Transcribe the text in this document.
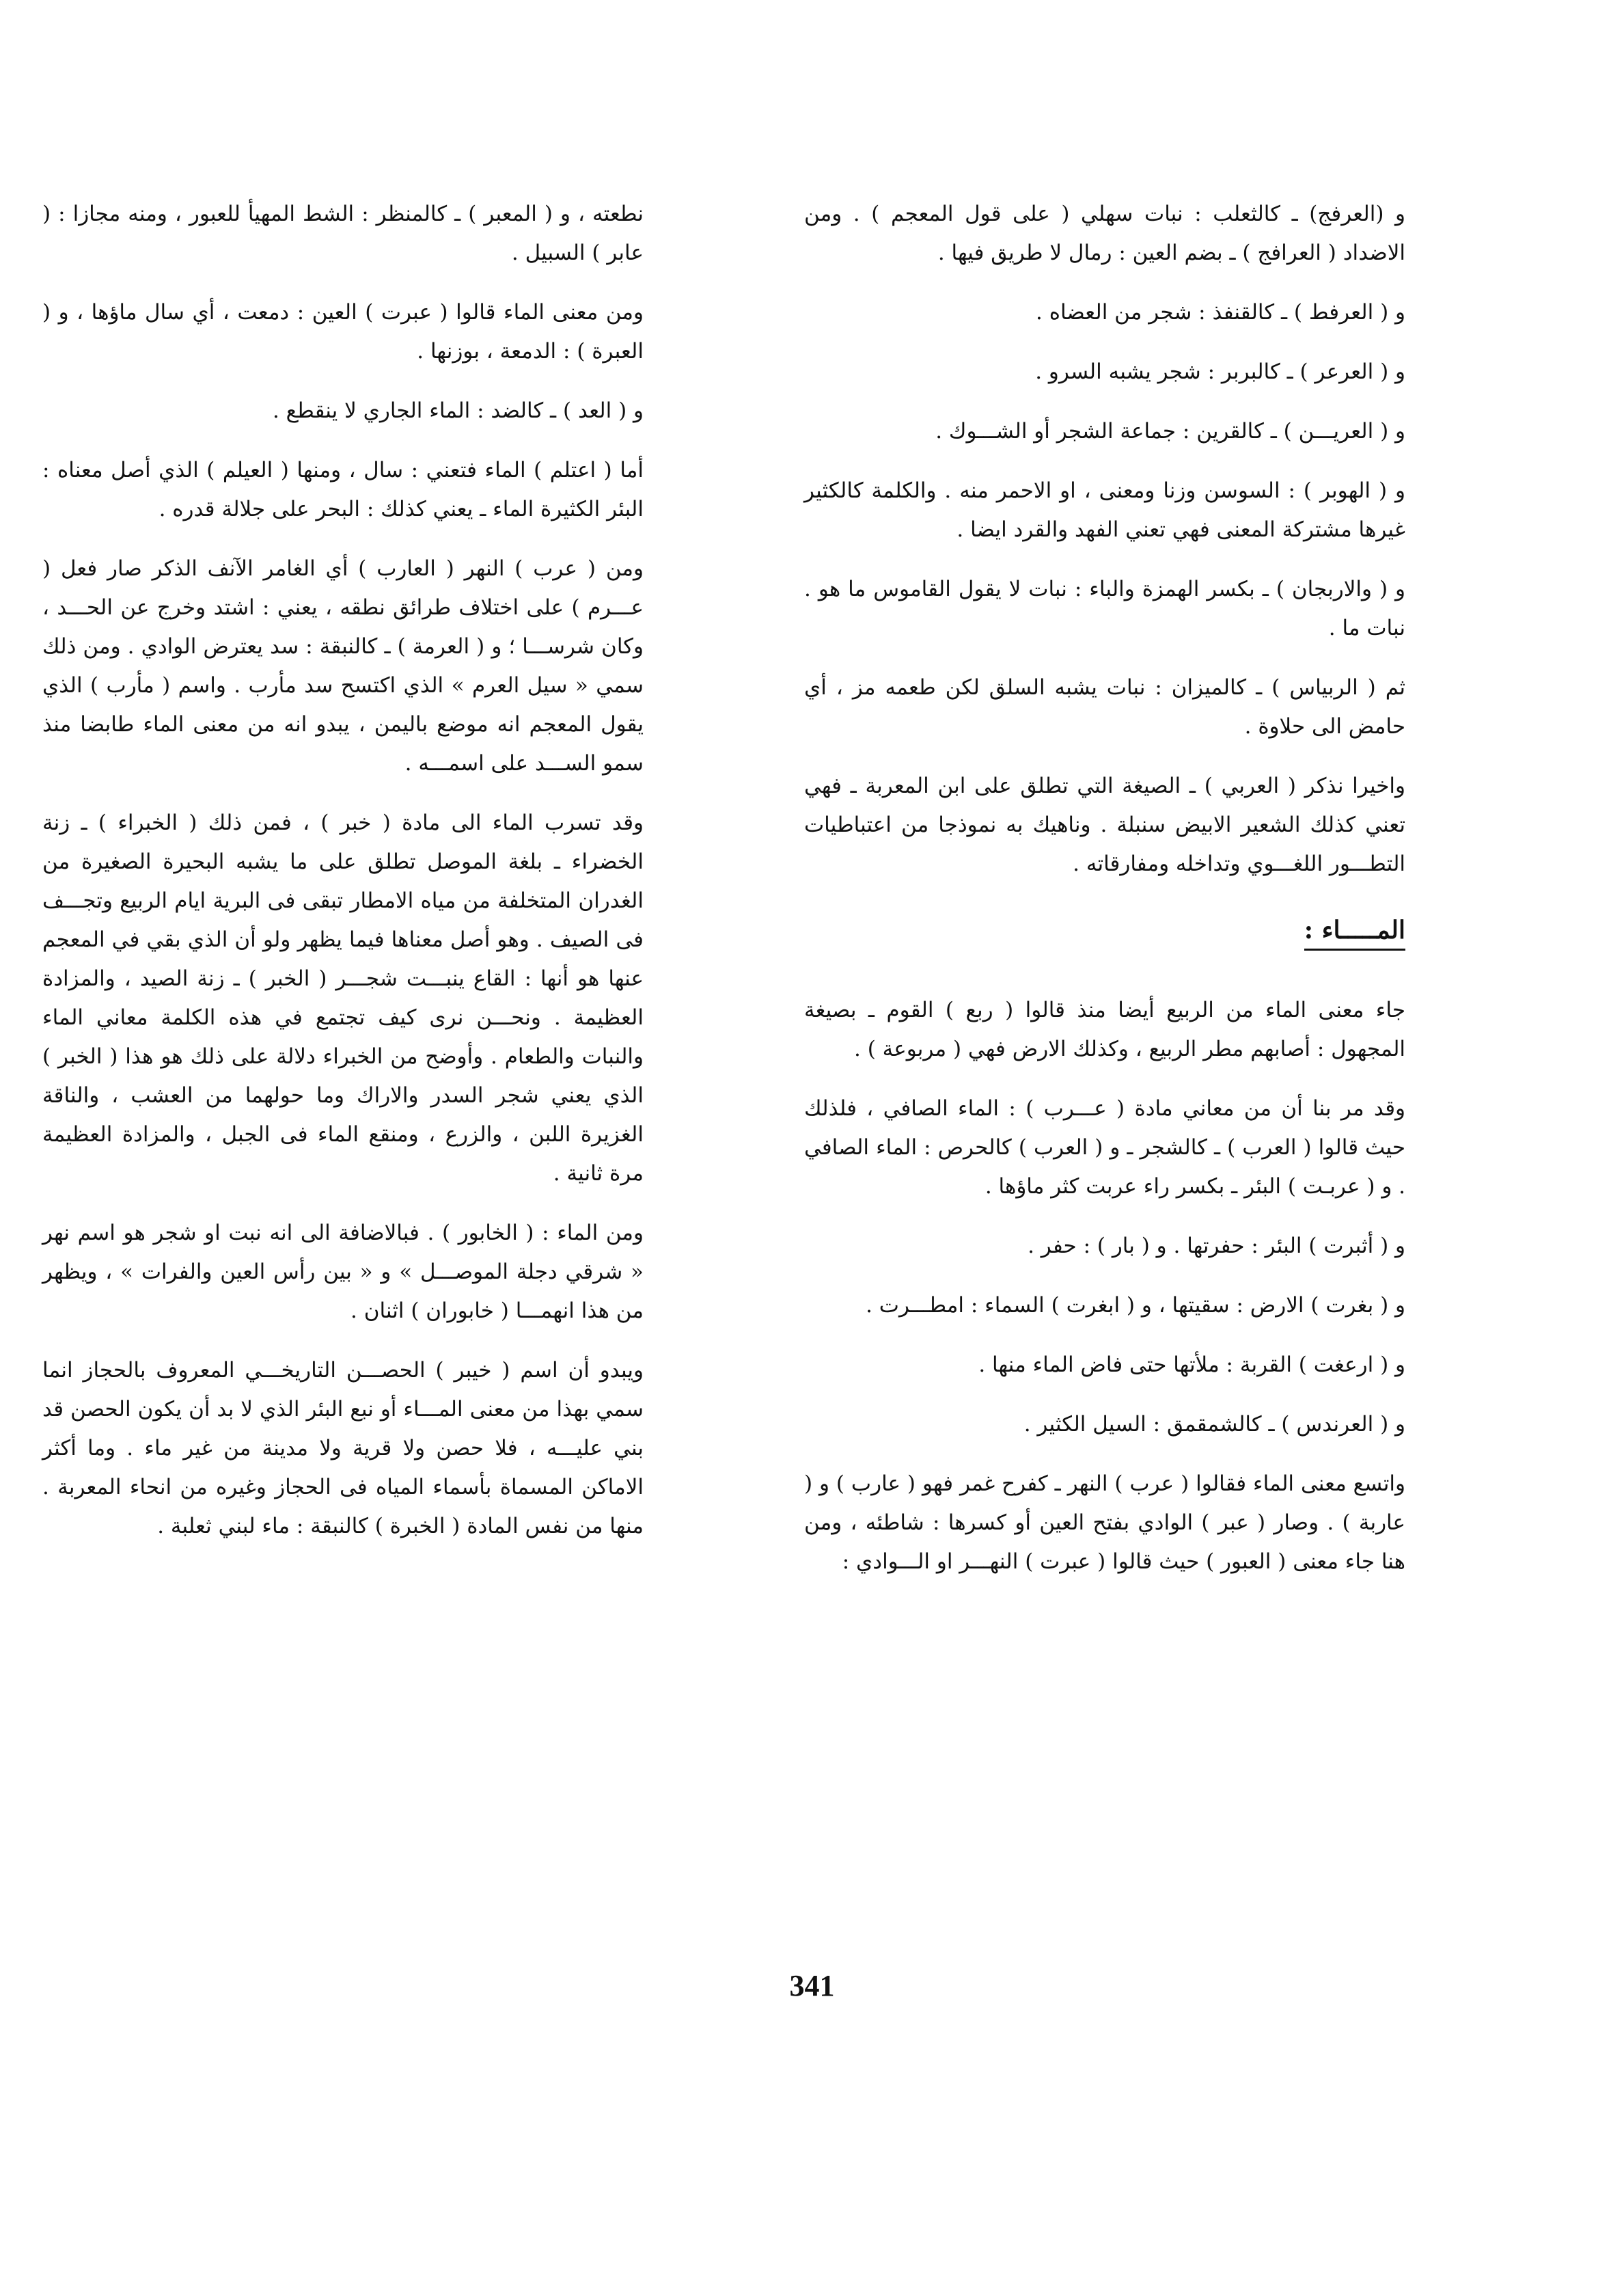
و (العرفج) ـ كالثعلب : نبات سهلي ( على قول المعجم ) . ومن الاضداد ( العرافج ) ـ بضم العين : رمال لا طريق فيها .

و ( العرفط ) ـ كالقنفذ : شجر من العضاه .

و ( العرعر ) ـ كالبربر : شجر يشبه السرو .

و ( العريـــن ) ـ كالقرين : جماعة الشجر أو الشـــوك .

و ( الهوبر ) : السوسن وزنا ومعنى ، او الاحمر منه . والكلمة كالكثير غيرها مشتركة المعنى فهي تعني الفهد والقرد ايضا .

و ( والاربجان ) ـ بكسر الهمزة والباء : نبات لا يقول القاموس ما هو . نبات ما .

ثم ( الربياس ) ـ كالميزان : نبات يشبه السلق لكن طعمه مز ، أي حامض الى حلاوة .

واخيرا نذكر ( العربي ) ـ الصيغة التي تطلق على ابن المعربة ـ فهي تعني كذلك الشعير الابيض سنبلة . وناهيك به نموذجا من اعتباطيات التطـــور اللغـــوي وتداخله ومفارقاته .

المـــــاء :

جاء معنى الماء من الربيع أيضا منذ قالوا ( ربع ) القوم ـ بصيغة المجهول : أصابهم مطر الربيع ، وكذلك الارض فهي ( مربوعة ) .

وقد مر بنا أن من معاني مادة ( عـــرب ) : الماء الصافي ، فلذلك حيث قالوا ( العرب ) ـ كالشجر ـ و ( العرب ) كالحرص : الماء الصافي . و ( عربـت ) البئر ـ بكسر راء عربت كثر ماؤها .

و ( أثبرت ) البئر : حفرتها . و ( بار ) : حفر .

و ( بغرت ) الارض : سقيتها ، و ( ابغرت ) السماء : امطـــرت .

و ( ارعغت ) القربة : ملأتها حتى فاض الماء منها .

و ( العرندس ) ـ كالشمقمق : السيل الكثير .

واتسع معنى الماء فقالوا ( عرب ) النهر ـ كفرح غمر فهو ( عارب ) و ( عاربة ) . وصار ( عبر ) الوادي بفتح العين أو كسرها : شاطئه ، ومن هنا جاء معنى ( العبور ) حيث قالوا ( عبرت ) النهـــر او الـــوادي :

نطعته ، و ( المعبر ) ـ كالمنظر : الشط المهيأ للعبور ، ومنه مجازا : ( عابر ) السبيل .

ومن معنى الماء قالوا ( عبرت ) العين : دمعت ، أي سال ماؤها ، و ( العبرة ) : الدمعة ، بوزنها .

و ( العد ) ـ كالضد : الماء الجاري لا ينقطع .

أما ( اعتلم ) الماء فتعني : سال ، ومنها ( العيلم ) الذي أصل معناه : البئر الكثيرة الماء ـ يعني كذلك : البحر على جلالة قدره .

ومن ( عرب ) النهر ( العارب ) أي الغامر الآنف الذكر صار فعل ( عـــرم ) على اختلاف طرائق نطقه ، يعني : اشتد وخرج عن الحـــد ، وكان شرســـا ؛ و ( العرمة ) ـ كالنبقة : سد يعترض الوادي . ومن ذلك سمي « سيل العرم » الذي اكتسح سد مأرب . واسم ( مأرب ) الذي يقول المعجم انه موضع باليمن ، يبدو انه من معنى الماء طابضا منذ سمو الســـد على اسمـــه .

وقد تسرب الماء الى مادة ( خبر ) ، فمن ذلك ( الخبراء ) ـ زنة الخضراء ـ بلغة الموصل تطلق على ما يشبه البحيرة الصغيرة من الغدران المتخلفة من مياه الامطار تبقى فى البرية ايام الربيع وتجـــف فى الصيف . وهو أصل معناها فيما يظهر ولو أن الذي بقي في المعجم عنها هو أنها : القاع ينبـــت شجـــر ( الخبر ) ـ زنة الصيد ، والمزادة العظيمة . ونحـــن نرى كيف تجتمع في هذه الكلمة معاني الماء والنبات والطعام . وأوضح من الخبراء دلالة على ذلك هو هذا ( الخبر ) الذي يعني شجر السدر والاراك وما حولهما من العشب ، والناقة الغزيرة اللبن ، والزرع ، ومنقع الماء فى الجبل ، والمزادة العظيمة مرة ثانية .

ومن الماء : ( الخابور ) . فبالاضافة الى انه نبت او شجر هو اسم نهر « شرقي دجلة الموصـــل » و « بين رأس العين والفرات » ، ويظهر من هذا انهمـــا ( خابوران ) اثنان .

ويبدو أن اسم ( خيبر ) الحصـــن التاريخـــي المعروف بالحجاز انما سمي بهذا من معنى المـــاء أو نبع البئر الذي لا بد أن يكون الحصن قد بني عليـــه ، فلا حصن ولا قرية ولا مدينة من غير ماء . وما أكثر الاماكن المسماة بأسماء المياه فى الحجاز وغيره من انحاء المعربة . منها من نفس المادة ( الخبرة ) كالنبقة : ماء لبني ثعلبة .

341
